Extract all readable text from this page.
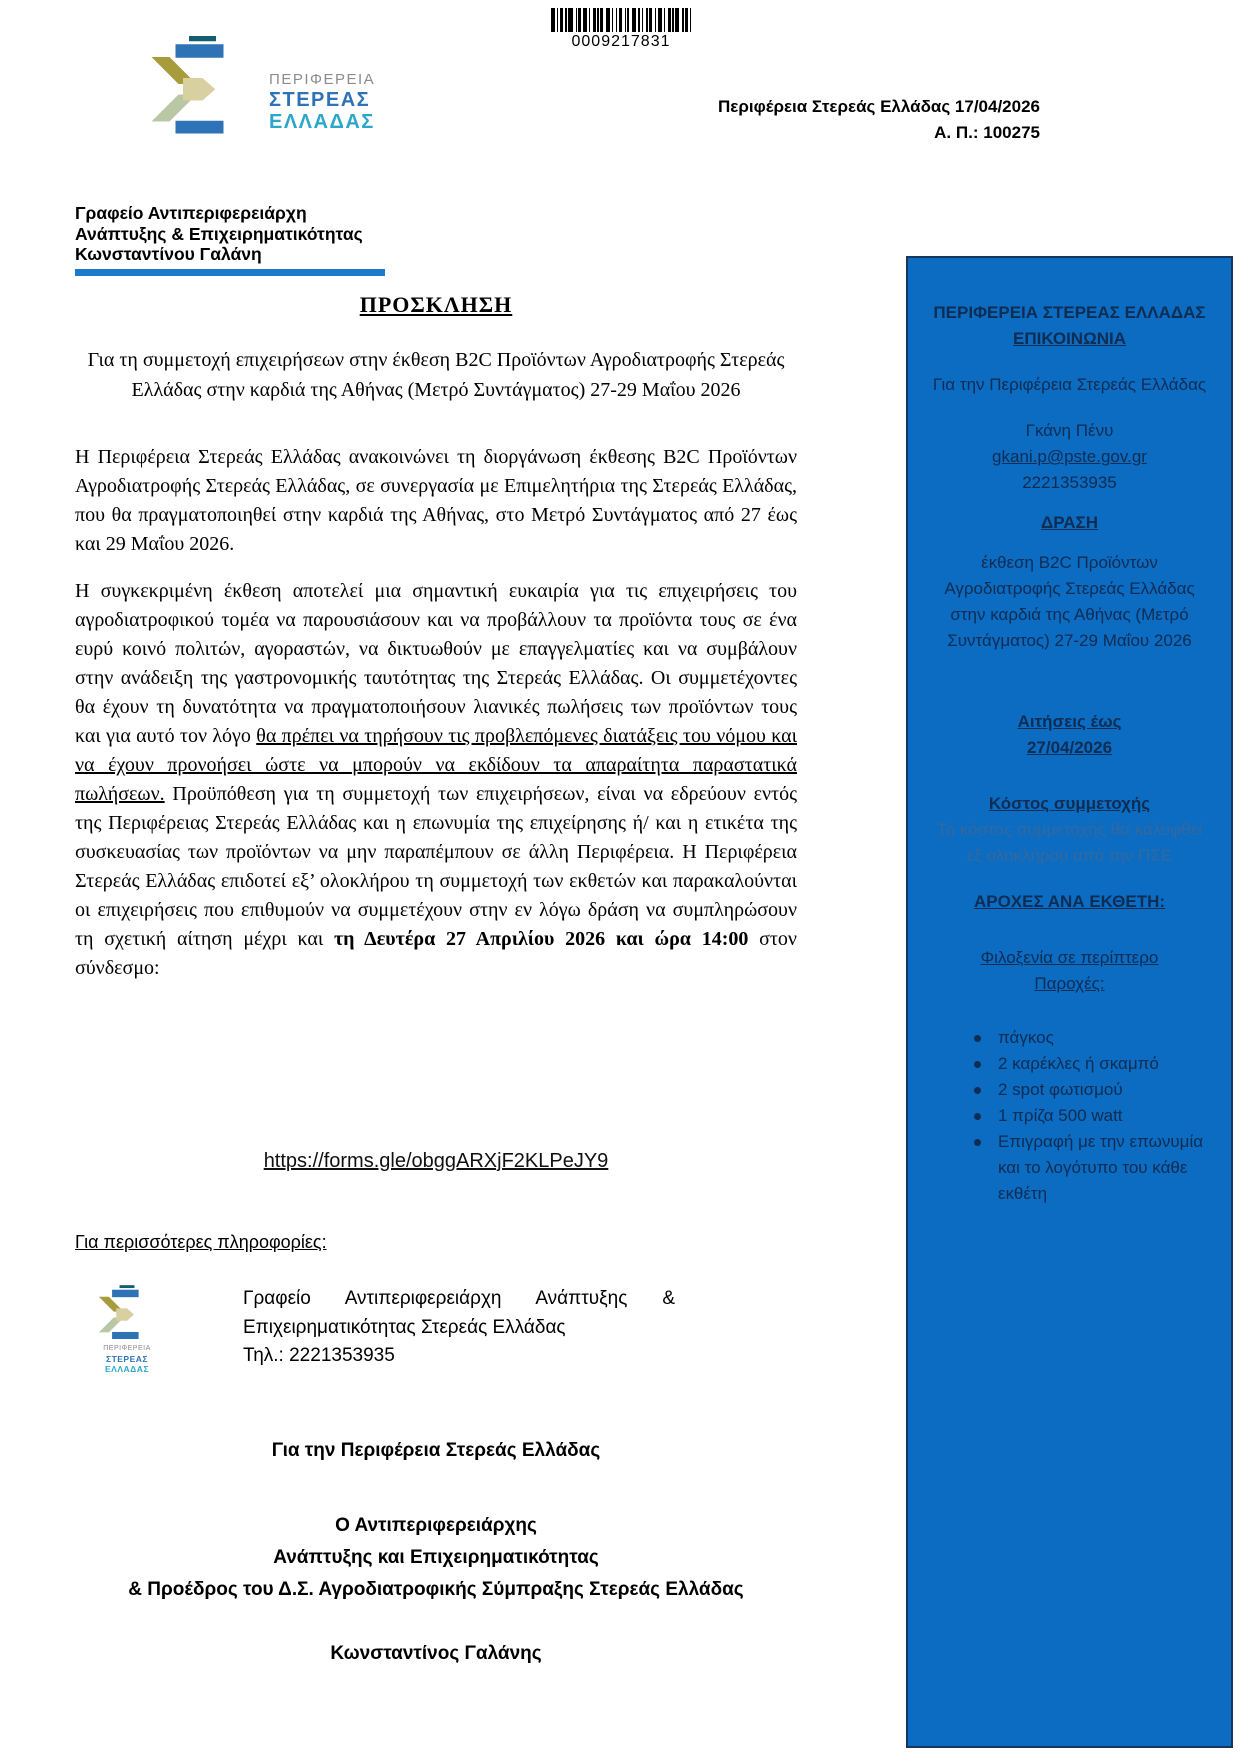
0009217831
ΠΕΡΙΦΕΡΕΙΑ
ΣΤΕΡΕΑΣ
ΕΛΛΑΔΑΣ
Περιφέρεια Στερεάς Ελλάδας 17/04/2026
Α. Π.: 100275
Γραφείο Αντιπεριφερειάρχη
Ανάπτυξης & Επιχειρηματικότητας
Κωνσταντίνου Γαλάνη
ΠΡΟΣΚΛΗΣΗ
Για τη συμμετοχή επιχειρήσεων στην έκθεση B2C Προϊόντων Αγροδιατροφής Στερεάς Ελλάδας στην καρδιά της Αθήνας (Μετρό Συντάγματος) 27-29 Μαΐου 2026
Η Περιφέρεια Στερεάς Ελλάδας ανακοινώνει τη διοργάνωση έκθεσης B2C Προϊόντων Αγροδιατροφής Στερεάς Ελλάδας, σε συνεργασία με Επιμελητήρια της Στερεάς Ελλάδας, που θα πραγματοποιηθεί στην καρδιά της Αθήνας, στο Μετρό Συντάγματος από 27 έως και 29 Μαΐου 2026.
Η συγκεκριμένη έκθεση αποτελεί μια σημαντική ευκαιρία για τις επιχειρήσεις του αγροδιατροφικού τομέα να παρουσιάσουν και να προβάλλουν τα προϊόντα τους σε ένα ευρύ κοινό πολιτών, αγοραστών, να δικτυωθούν με επαγγελματίες και να συμβάλουν στην ανάδειξη της γαστρονομικής ταυτότητας της Στερεάς Ελλάδας. Οι συμμετέχοντες θα έχουν τη δυνατότητα να πραγματοποιήσουν λιανικές πωλήσεις των προϊόντων τους και για αυτό τον λόγο θα πρέπει να τηρήσουν τις προβλεπόμενες διατάξεις του νόμου και να έχουν προνοήσει ώστε να μπορούν να εκδίδουν τα απαραίτητα παραστατικά πωλήσεων. Προϋπόθεση για τη συμμετοχή των επιχειρήσεων, είναι να εδρεύουν εντός της Περιφέρειας Στερεάς Ελλάδας και η επωνυμία της επιχείρησης ή/ και η ετικέτα της συσκευασίας των προϊόντων να μην παραπέμπουν σε άλλη Περιφέρεια. Η Περιφέρεια Στερεάς Ελλάδας επιδοτεί εξ’ ολοκλήρου τη συμμετοχή των εκθετών και παρακαλούνται οι επιχειρήσεις που επιθυμούν να συμμετέχουν στην εν λόγω δράση να συμπληρώσουν τη σχετική αίτηση μέχρι και τη Δευτέρα 27 Απριλίου 2026 και ώρα 14:00 στον σύνδεσμο:
https://forms.gle/obggARXjF2KLPeJY9
Για περισσότερες πληροφορίες:
ΠΕΡΙΦΕΡΕΙΑ
ΣΤΕΡΕΑΣ
ΕΛΛΑΔΑΣ
Γραφείο Αντιπεριφερειάρχη Ανάπτυξης & Επιχειρηματικότητας Στερεάς Ελλάδας
Τηλ.: 2221353935
Για την Περιφέρεια Στερεάς Ελλάδας
Ο Αντιπεριφερειάρχης
Ανάπτυξης και Επιχειρηματικότητας
& Προέδρος του Δ.Σ. Αγροδιατροφικής Σύμπραξης Στερεάς Ελλάδας
Κωνσταντίνος Γαλάνης
ΠΕΡΙΦΕΡΕΙΑ ΣΤΕΡΕΑΣ ΕΛΛΑΔΑΣ
ΕΠΙΚΟΙΝΩΝΙΑ
Για την Περιφέρεια Στερεάς Ελλάδας
Γκάνη Πένυ
gkani.p@pste.gov.gr
2221353935
ΔΡΑΣΗ
έκθεση B2C Προϊόντων Αγροδιατροφής Στερεάς Ελλάδας στην καρδιά της Αθήνας (Μετρό Συντάγματος) 27-29 Μαΐου 2026
Αιτήσεις έως
27/04/2026
Κόστος συμμετοχής
Το κόστος συμμετοχής θα καλυφθεί εξ ολοκλήρου από την ΠΣΕ
ΑΡΟΧΕΣ ΑΝΑ ΕΚΘΕΤΗ:
Φιλοξενία σε περίπτερο
Παροχές:
πάγκος
2 καρέκλες ή σκαμπό
2 spot φωτισμού
1 πρίζα 500 watt
Επιγραφή με την επωνυμία και το λογότυπο του κάθε εκθέτη
